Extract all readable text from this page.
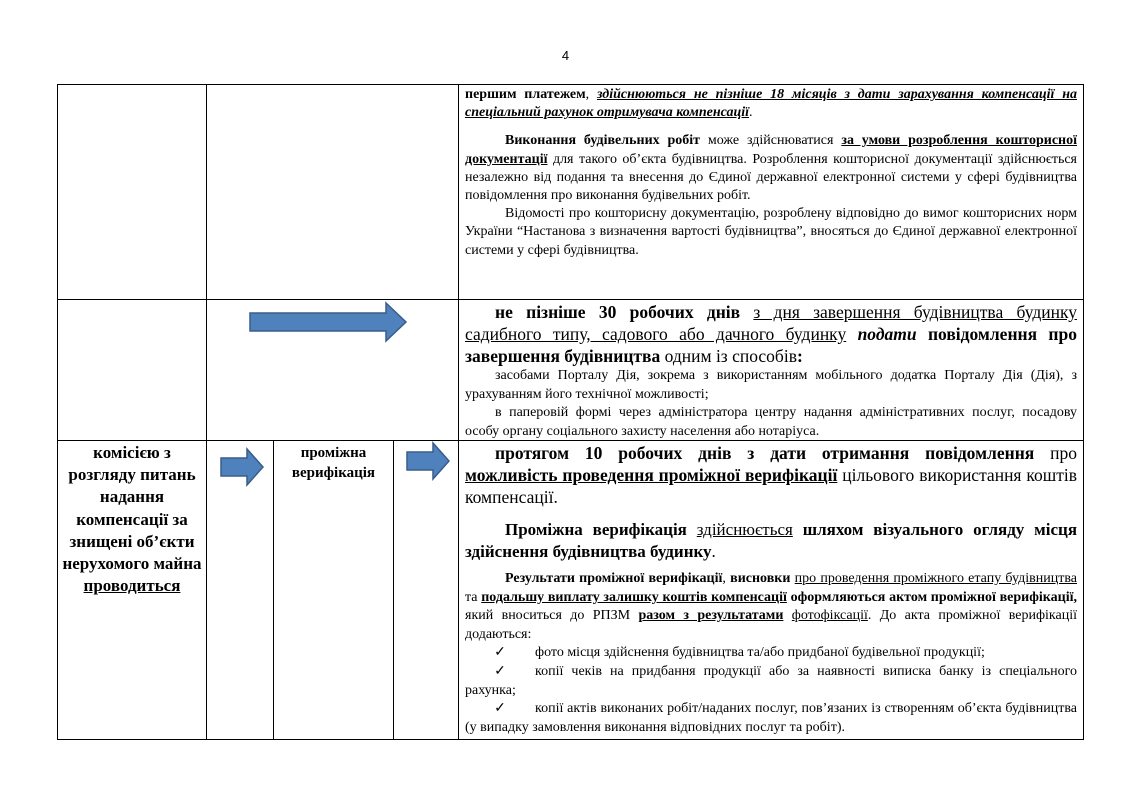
4

першим платежем, здійснюються не пізніше 18 місяців з дати зарахування компенсації на спеціальний рахунок отримувача компенсації.

Виконання будівельних робіт може здійснюватися за умови розроблення кошторисної документації для такого об’єкта будівництва. Розроблення кошторисної документації здійснюється незалежно від подання та внесення до Єдиної державної електронної системи у сфері будівництва повідомлення про виконання будівельних робіт.

Відомості про кошторисну документацію, розроблену відповідно до вимог кошторисних норм України “Настанова з визначення вартості будівництва”, вносяться до Єдиної державної електронної системи у сфері будівництва.

не пізніше 30 робочих днів з дня завершення будівництва будинку садибного типу, садового або дачного будинку подати повідомлення про завершення будівництва одним із способів:

засобами Порталу Дія, зокрема з використанням мобільного додатка Порталу Дія (Дія), з урахуванням його технічної можливості;

в паперовій формі через адміністратора центру надання адміністративних послуг, посадову особу органу соціального захисту населення або нотаріуса.

комісією з розгляду питань надання компенсації за знищені об’єкти нерухомого майна
проводиться
проміжна верифікація

протягом 10 робочих днів з дати отримання повідомлення про можливість проведення проміжної верифікації цільового використання коштів компенсації.

Проміжна верифікація здійснюється шляхом візуального огляду місця здійснення будівництва будинку.

Результати проміжної верифікації, висновки про проведення проміжного етапу будівництва та подальшу виплату залишку коштів компенсації оформляються актом проміжної верифікації, який вноситься до РПЗМ разом з результатами фотофіксації. До акта проміжної верифікації додаються:

✓ фото місця здійснення будівництва та/або придбаної будівельної продукції;

✓ копії чеків на придбання продукції або за наявності виписка банку із спеціального рахунка;

✓ копії актів виконаних робіт/наданих послуг, пов’язаних із створенням об’єкта будівництва (у випадку замовлення виконання відповідних послуг та робіт).
